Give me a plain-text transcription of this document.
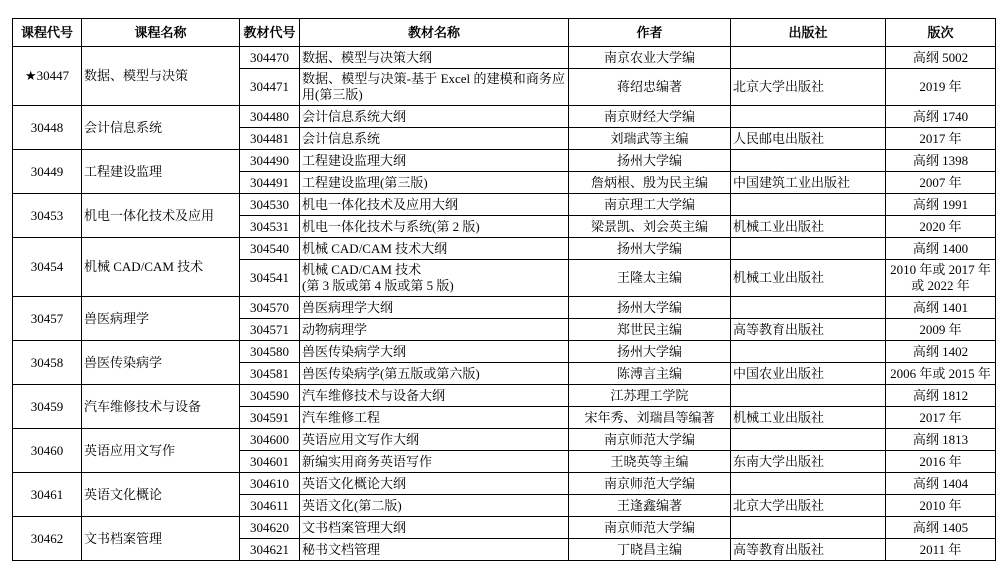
课程代号	课程名称	教材代号	教材名称	作者	出版社	版次
★30447	数据、模型与决策	304470	数据、模型与决策大纲	南京农业大学编		高纲 5002
		304471	数据、模型与决策-基于 Excel 的建模和商务应用(第三版)	蒋绍忠编著	北京大学出版社	2019 年
30448	会计信息系统	304480	会计信息系统大纲	南京财经大学编		高纲 1740
		304481	会计信息系统	刘瑞武等主编	人民邮电出版社	2017 年
30449	工程建设监理	304490	工程建设监理大纲	扬州大学编		高纲 1398
		304491	工程建设监理(第三版)	詹炳根、殷为民主编	中国建筑工业出版社	2007 年
30453	机电一体化技术及应用	304530	机电一体化技术及应用大纲	南京理工大学编		高纲 1991
		304531	机电一体化技术与系统(第 2 版)	梁景凯、刘会英主编	机械工业出版社	2020 年
30454	机械 CAD/CAM 技术	304540	机械 CAD/CAM 技术大纲	扬州大学编		高纲 1400
		304541	机械 CAD/CAM 技术
(第 3 版或第 4 版或第 5 版)	王隆太主编	机械工业出版社	2010 年或 2017 年
或 2022 年
30457	兽医病理学	304570	兽医病理学大纲	扬州大学编		高纲 1401
		304571	动物病理学	郑世民主编	高等教育出版社	2009 年
30458	兽医传染病学	304580	兽医传染病学大纲	扬州大学编		高纲 1402
		304581	兽医传染病学(第五版或第六版)	陈溥言主编	中国农业出版社	2006 年或 2015 年
30459	汽车维修技术与设备	304590	汽车维修技术与设备大纲	江苏理工学院		高纲 1812
		304591	汽车维修工程	宋年秀、刘瑞昌等编著	机械工业出版社	2017 年
30460	英语应用文写作	304600	英语应用文写作大纲	南京师范大学编		高纲 1813
		304601	新编实用商务英语写作	王晓英等主编	东南大学出版社	2016 年
30461	英语文化概论	304610	英语文化概论大纲	南京师范大学编		高纲 1404
		304611	英语文化(第二版)	王逢鑫编著	北京大学出版社	2010 年
30462	文书档案管理	304620	文书档案管理大纲	南京师范大学编		高纲 1405
		304621	秘书文档管理	丁晓昌主编	高等教育出版社	2011 年
